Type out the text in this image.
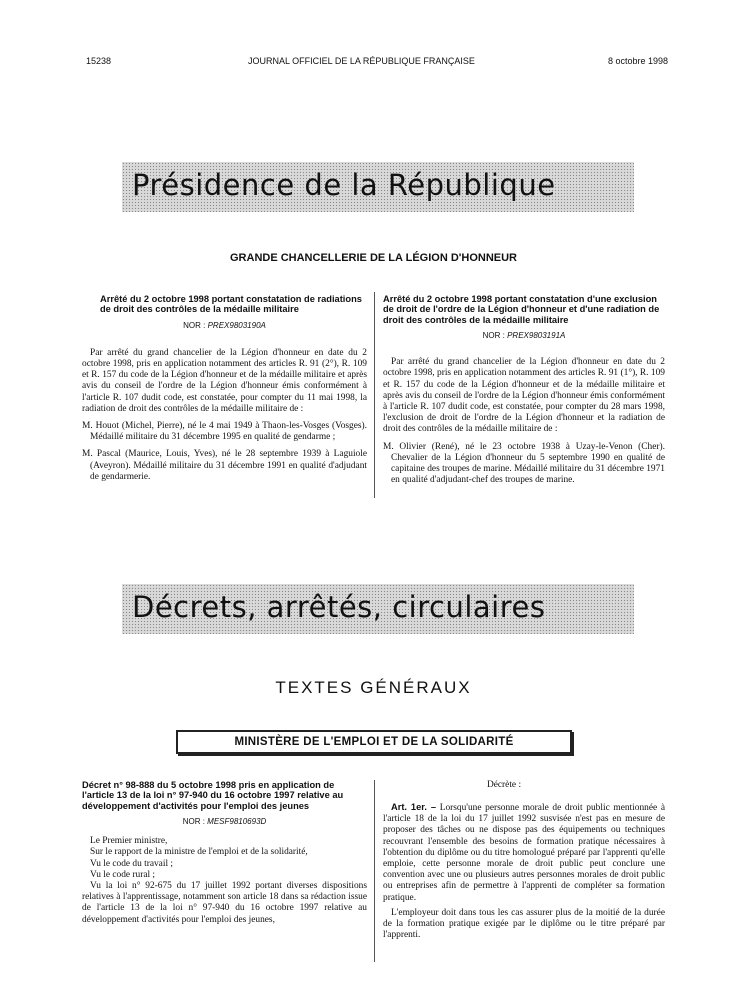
15238	JOURNAL OFFICIEL DE LA RÉPUBLIQUE FRANÇAISE	8 octobre 1998
Présidence de la République
GRANDE CHANCELLERIE DE LA LÉGION D'HONNEUR
Arrêté du 2 octobre 1998 portant constatation de radiations de droit des contrôles de la médaille militaire
NOR : PREX9803190A

Par arrêté du grand chancelier de la Légion d'honneur en date du 2 octobre 1998, pris en application notamment des articles R. 91 (2°), R. 109 et R. 157 du code de la Légion d'honneur et de la médaille militaire et après avis du conseil de l'ordre de la Légion d'honneur émis conformément à l'article R. 107 dudit code, est constatée, pour compter du 11 mai 1998, la radiation de droit des contrôles de la médaille militaire de :

M. Houot (Michel, Pierre), né le 4 mai 1949 à Thaon-les-Vosges (Vosges). Médaillé militaire du 31 décembre 1995 en qualité de gendarme ;

M. Pascal (Maurice, Louis, Yves), né le 28 septembre 1939 à Laguiole (Aveyron). Médaillé militaire du 31 décembre 1991 en qualité d'adjudant de gendarmerie.

Arrêté du 2 octobre 1998 portant constatation d'une exclusion de droit de l'ordre de la Légion d'honneur et d'une radiation de droit des contrôles de la médaille militaire
NOR : PREX9803191A

Par arrêté du grand chancelier de la Légion d'honneur en date du 2 octobre 1998, pris en application notamment des articles R. 91 (1°), R. 109 et R. 157 du code de la Légion d'honneur et de la médaille militaire et après avis du conseil de l'ordre de la Légion d'honneur émis conformément à l'article R. 107 dudit code, est constatée, pour compter du 28 mars 1998, l'exclusion de droit de l'ordre de la Légion d'honneur et la radiation de droit des contrôles de la médaille militaire de :

M. Olivier (René), né le 23 octobre 1938 à Uzay-le-Venon (Cher). Chevalier de la Légion d'honneur du 5 septembre 1990 en qualité de capitaine des troupes de marine. Médaillé militaire du 31 décembre 1971 en qualité d'adjudant-chef des troupes de marine.

Décrets, arrêtés, circulaires
TEXTES GÉNÉRAUX
MINISTÈRE DE L'EMPLOI ET DE LA SOLIDARITÉ
Décret n° 98-888 du 5 octobre 1998 pris en application de l'article 13 de la loi n° 97-940 du 16 octobre 1997 relative au développement d'activités pour l'emploi des jeunes
NOR : MESF9810693D

Le Premier ministre,

Sur le rapport de la ministre de l'emploi et de la solidarité,

Vu le code du travail ;

Vu le code rural ;

Vu la loi n° 92-675 du 17 juillet 1992 portant diverses dispositions relatives à l'apprentissage, notamment son article 18 dans sa rédaction issue de l'article 13 de la loi n° 97-940 du 16 octobre 1997 relative au développement d'activités pour l'emploi des jeunes,

Décrète :

Art. 1er. – Lorsqu'une personne morale de droit public mentionnée à l'article 18 de la loi du 17 juillet 1992 susvisée n'est pas en mesure de proposer des tâches ou ne dispose pas des équipements ou techniques recouvrant l'ensemble des besoins de formation pratique nécessaires à l'obtention du diplôme ou du titre homologué préparé par l'apprenti qu'elle emploie, cette personne morale de droit public peut conclure une convention avec une ou plusieurs autres personnes morales de droit public ou entreprises afin de permettre à l'apprenti de compléter sa formation pratique.

L'employeur doit dans tous les cas assurer plus de la moitié de la durée de la formation pratique exigée par le diplôme ou le titre préparé par l'apprenti.
